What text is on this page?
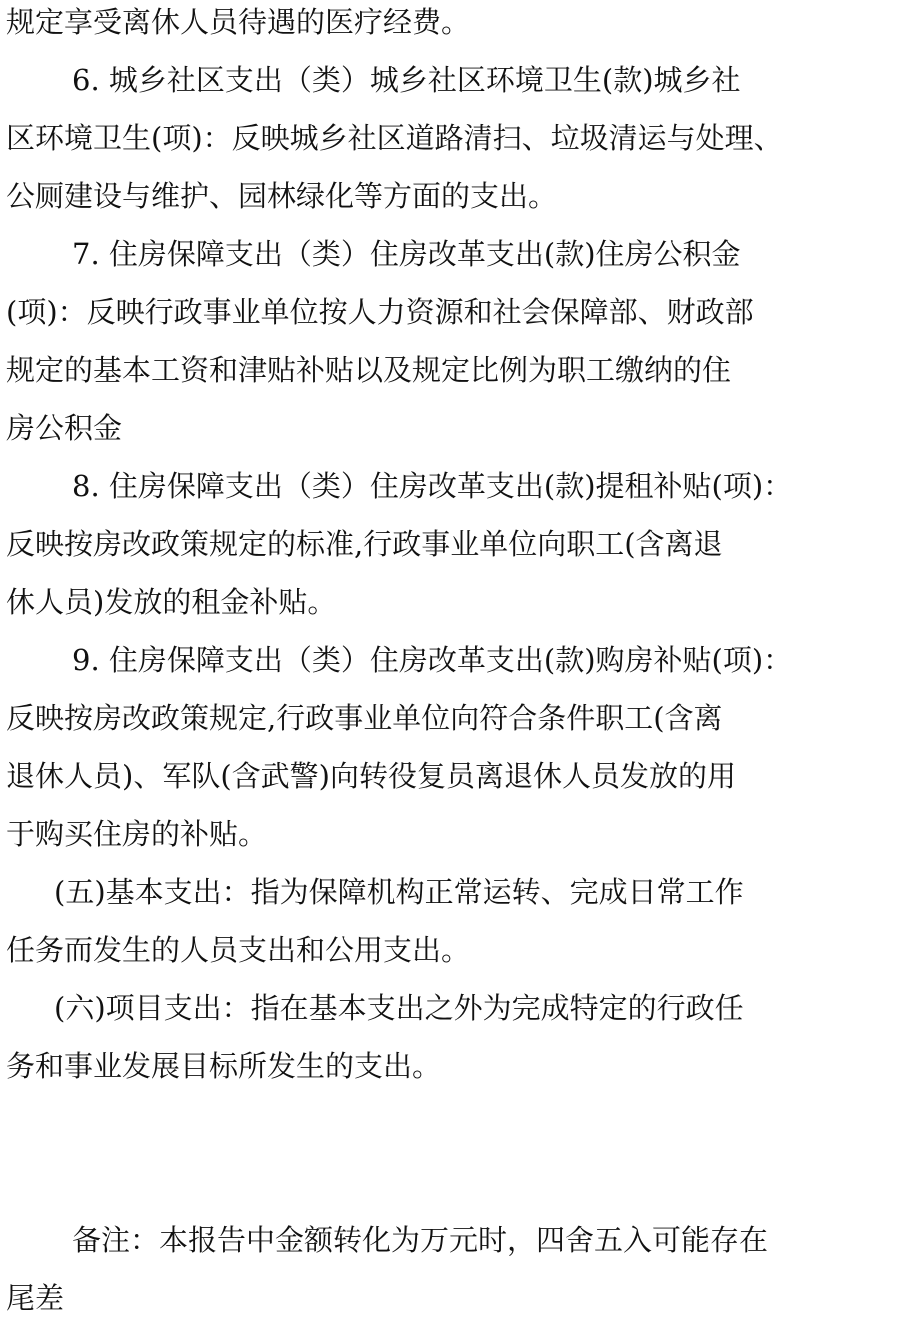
规定享受离休人员待遇的医疗经费。
6. 城乡社区支出（类）城乡社区环境卫生(款)城乡社
区环境卫生(项)：反映城乡社区道路清扫、垃圾清运与处理、
公厕建设与维护、园林绿化等方面的支出。
7. 住房保障支出（类）住房改革支出(款)住房公积金
(项)：反映行政事业单位按人力资源和社会保障部、财政部
规定的基本工资和津贴补贴以及规定比例为职工缴纳的住
房公积金
8. 住房保障支出（类）住房改革支出(款)提租补贴(项)：
反映按房改政策规定的标准,行政事业单位向职工(含离退
休人员)发放的租金补贴。
9. 住房保障支出（类）住房改革支出(款)购房补贴(项)：
反映按房改政策规定,行政事业单位向符合条件职工(含离
退休人员)、军队(含武警)向转役复员离退休人员发放的用
于购买住房的补贴。
(五)基本支出：指为保障机构正常运转、完成日常工作
任务而发生的人员支出和公用支出。
(六)项目支出：指在基本支出之外为完成特定的行政任
务和事业发展目标所发生的支出。
备注：本报告中金额转化为万元时，四舍五入可能存在
尾差
